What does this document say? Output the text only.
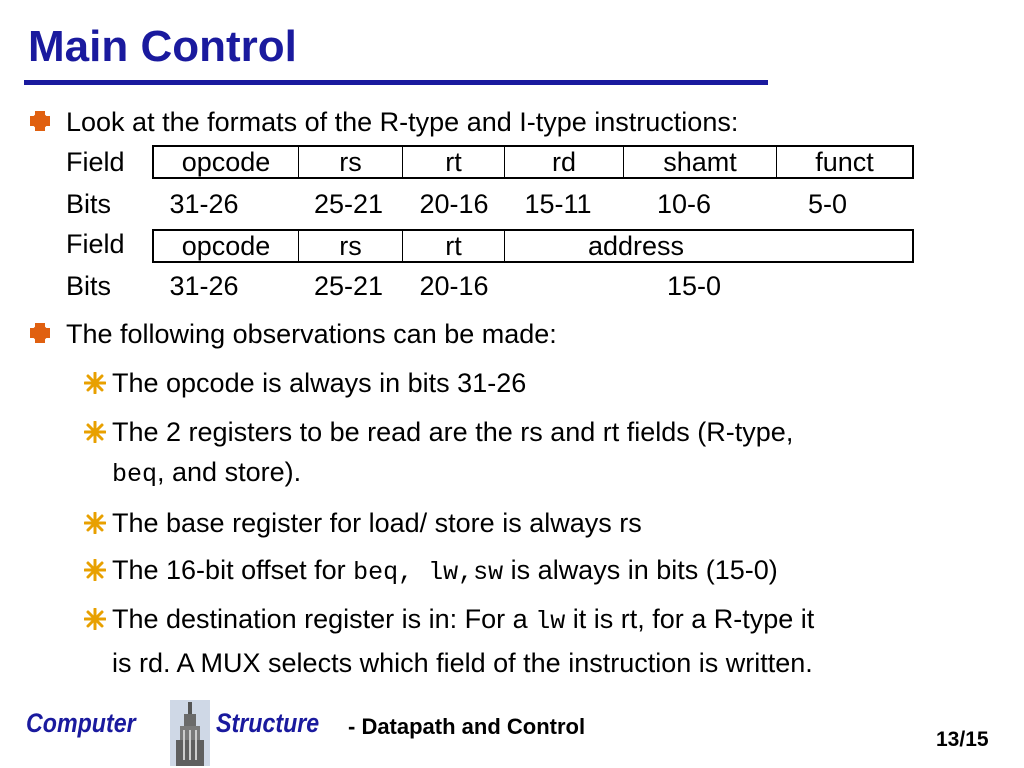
Main Control
Look at the formats of the R-type and I-type instructions:
Field	opcode	rs	rt	rd	shamt	funct
Bits	31-26	25-21	20-16	15-11	10-6	5-0
Field	opcode	rs	rt	address
Bits	31-26	25-21	20-16	15-0
The following observations can be made:
The opcode is always in bits 31-26
The 2 registers to be read are the rs and rt fields (R-type,
beq, and store).
The base register for load/ store is always rs
The 16-bit offset for beq, lw,sw is always in bits (15-0)
The destination register is in: For a lw it is rt, for a R-type it
is rd. A MUX selects which field of the instruction is written.
Computer	Structure - Datapath and Control
13/15
